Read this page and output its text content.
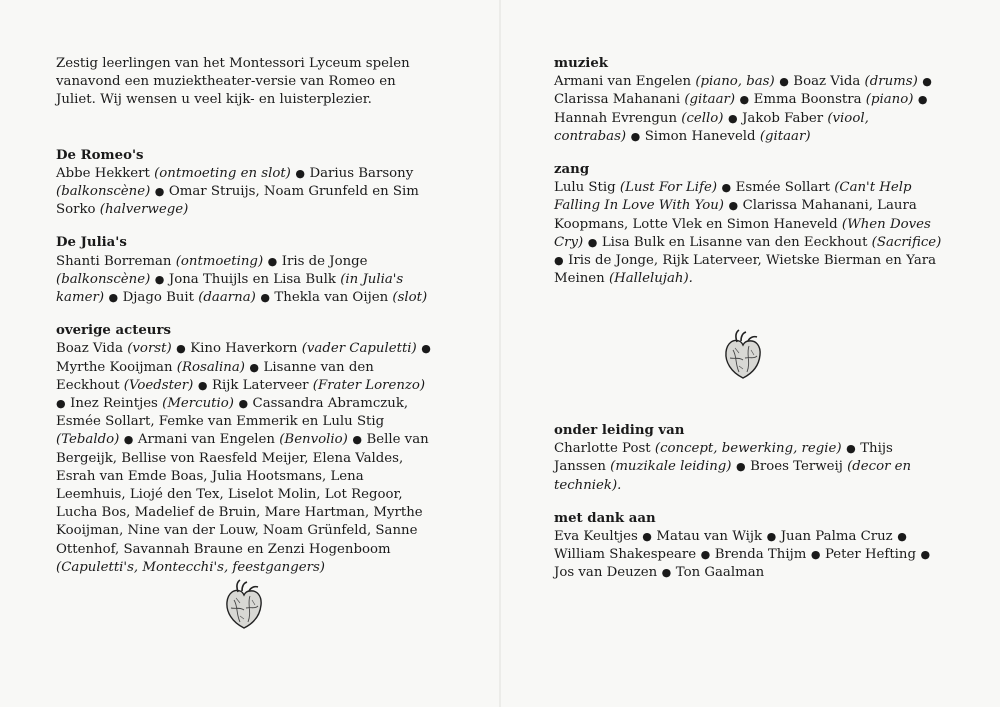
Zestig leerlingen van het Montessori Lyceum spelen vanavond een muziektheater-versie van Romeo en Juliet. Wij wensen u veel kijk- en luisterplezier.

De Romeo's

Abbe Hekkert (ontmoeting en slot) ● Darius Barsony (balkonscène) ● Omar Struijs, Noam Grunfeld en Sim Sorko (halverwege)

De Julia's

Shanti Borreman (ontmoeting) ● Iris de Jonge (balkonscène) ● Jona Thuijls en Lisa Bulk (in Julia's kamer) ● Djago Buit (daarna) ● Thekla van Oijen (slot)

overige acteurs

Boaz Vida (vorst) ● Kino Haverkorn (vader Capuletti) ● Myrthe Kooijman (Rosalina) ● Lisanne van den Eeckhout (Voedster) ● Rijk Laterveer (Frater Lorenzo) ● Inez Reintjes (Mercutio) ● Cassandra Abramczuk, Esmée Sollart, Femke van Emmerik en Lulu Stig (Tebaldo) ● Armani van Engelen (Benvolio) ● Belle van Bergeijk, Bellise von Raesfeld Meijer, Elena Valdes, Esrah van Emde Boas, Julia Hootsmans, Lena Leemhuis, Liojé den Tex, Liselot Molin, Lot Regoor, Lucha Bos, Madelief de Bruin, Mare Hartman, Myrthe Kooijman, Nine van der Louw, Noam Grünfeld, Sanne Ottenhof, Savannah Braune en Zenzi Hogenboom (Capuletti's, Montecchi's, feestgangers)

muziek

Armani van Engelen (piano, bas) ● Boaz Vida (drums) ● Clarissa Mahanani (gitaar) ● Emma Boonstra (piano) ● Hannah Evrengun (cello) ● Jakob Faber (viool, contrabas) ● Simon Haneveld (gitaar)

zang

Lulu Stig (Lust For Life) ● Esmée Sollart (Can't Help Falling In Love With You) ● Clarissa Mahanani, Laura Koopmans, Lotte Vlek en Simon Haneveld (When Doves Cry) ● Lisa Bulk en Lisanne van den Eeckhout (Sacrifice) ● Iris de Jonge, Rijk Laterveer, Wietske Bierman en Yara Meinen (Hallelujah).

onder leiding van

Charlotte Post (concept, bewerking, regie) ● Thijs Janssen (muzikale leiding) ● Broes Terweij (decor en techniek).

met dank aan

Eva Keultjes ● Matau van Wijk ● Juan Palma Cruz ● William Shakespeare ● Brenda Thijm ● Peter Hefting ● Jos van Deuzen ● Ton Gaalman
